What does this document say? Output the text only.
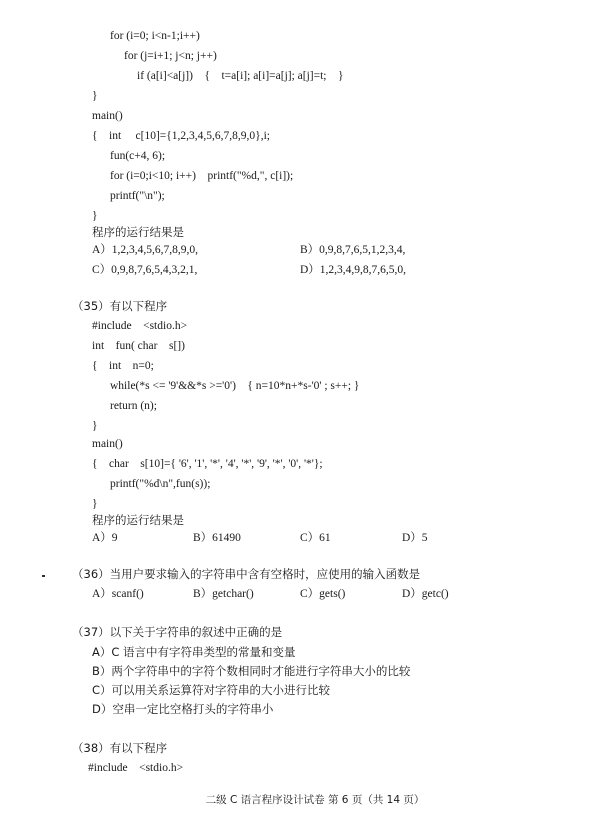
for (i=0; i<n-1;i++)
for (j=i+1; j<n; j++)
if (a[i]<a[j])    {    t=a[i]; a[i]=a[j]; a[j]=t;    }
}
main()
{    int     c[10]={1,2,3,4,5,6,7,8,9,0},i;
fun(c+4, 6);
for (i=0;i<10; i++)    printf("%d,", c[i]);
printf("\n");
}
程序的运行结果是
A）1,2,3,4,5,6,7,8,9,0,	B）0,9,8,7,6,5,1,2,3,4,
C）0,9,8,7,6,5,4,3,2,1,	D）1,2,3,4,9,8,7,6,5,0,
（35）有以下程序
#include    <stdio.h>
int    fun( char    s[])
{    int    n=0;
while(*s <= '9'&&*s >='0')    { n=10*n+*s-'0' ; s++; }
return (n);
}
main()
{    char    s[10]={ '6', '1', '*', '4', '*', '9', '*', '0', '*'};
printf("%d\n",fun(s));
}
程序的运行结果是
A）9	B）61490	C）61	D）5
（36）当用户要求输入的字符串中含有空格时，应使用的输入函数是
A）scanf()	B）getchar()	C）gets()	D）getc()
（37）以下关于字符串的叙述中正确的是
A）C 语言中有字符串类型的常量和变量
B）两个字符串中的字符个数相同时才能进行字符串大小的比较
C）可以用关系运算符对字符串的大小进行比较
D）空串一定比空格打头的字符串小
（38）有以下程序
#include    <stdio.h>
二级 C 语言程序设计试卷 第 6 页（共 14 页）
